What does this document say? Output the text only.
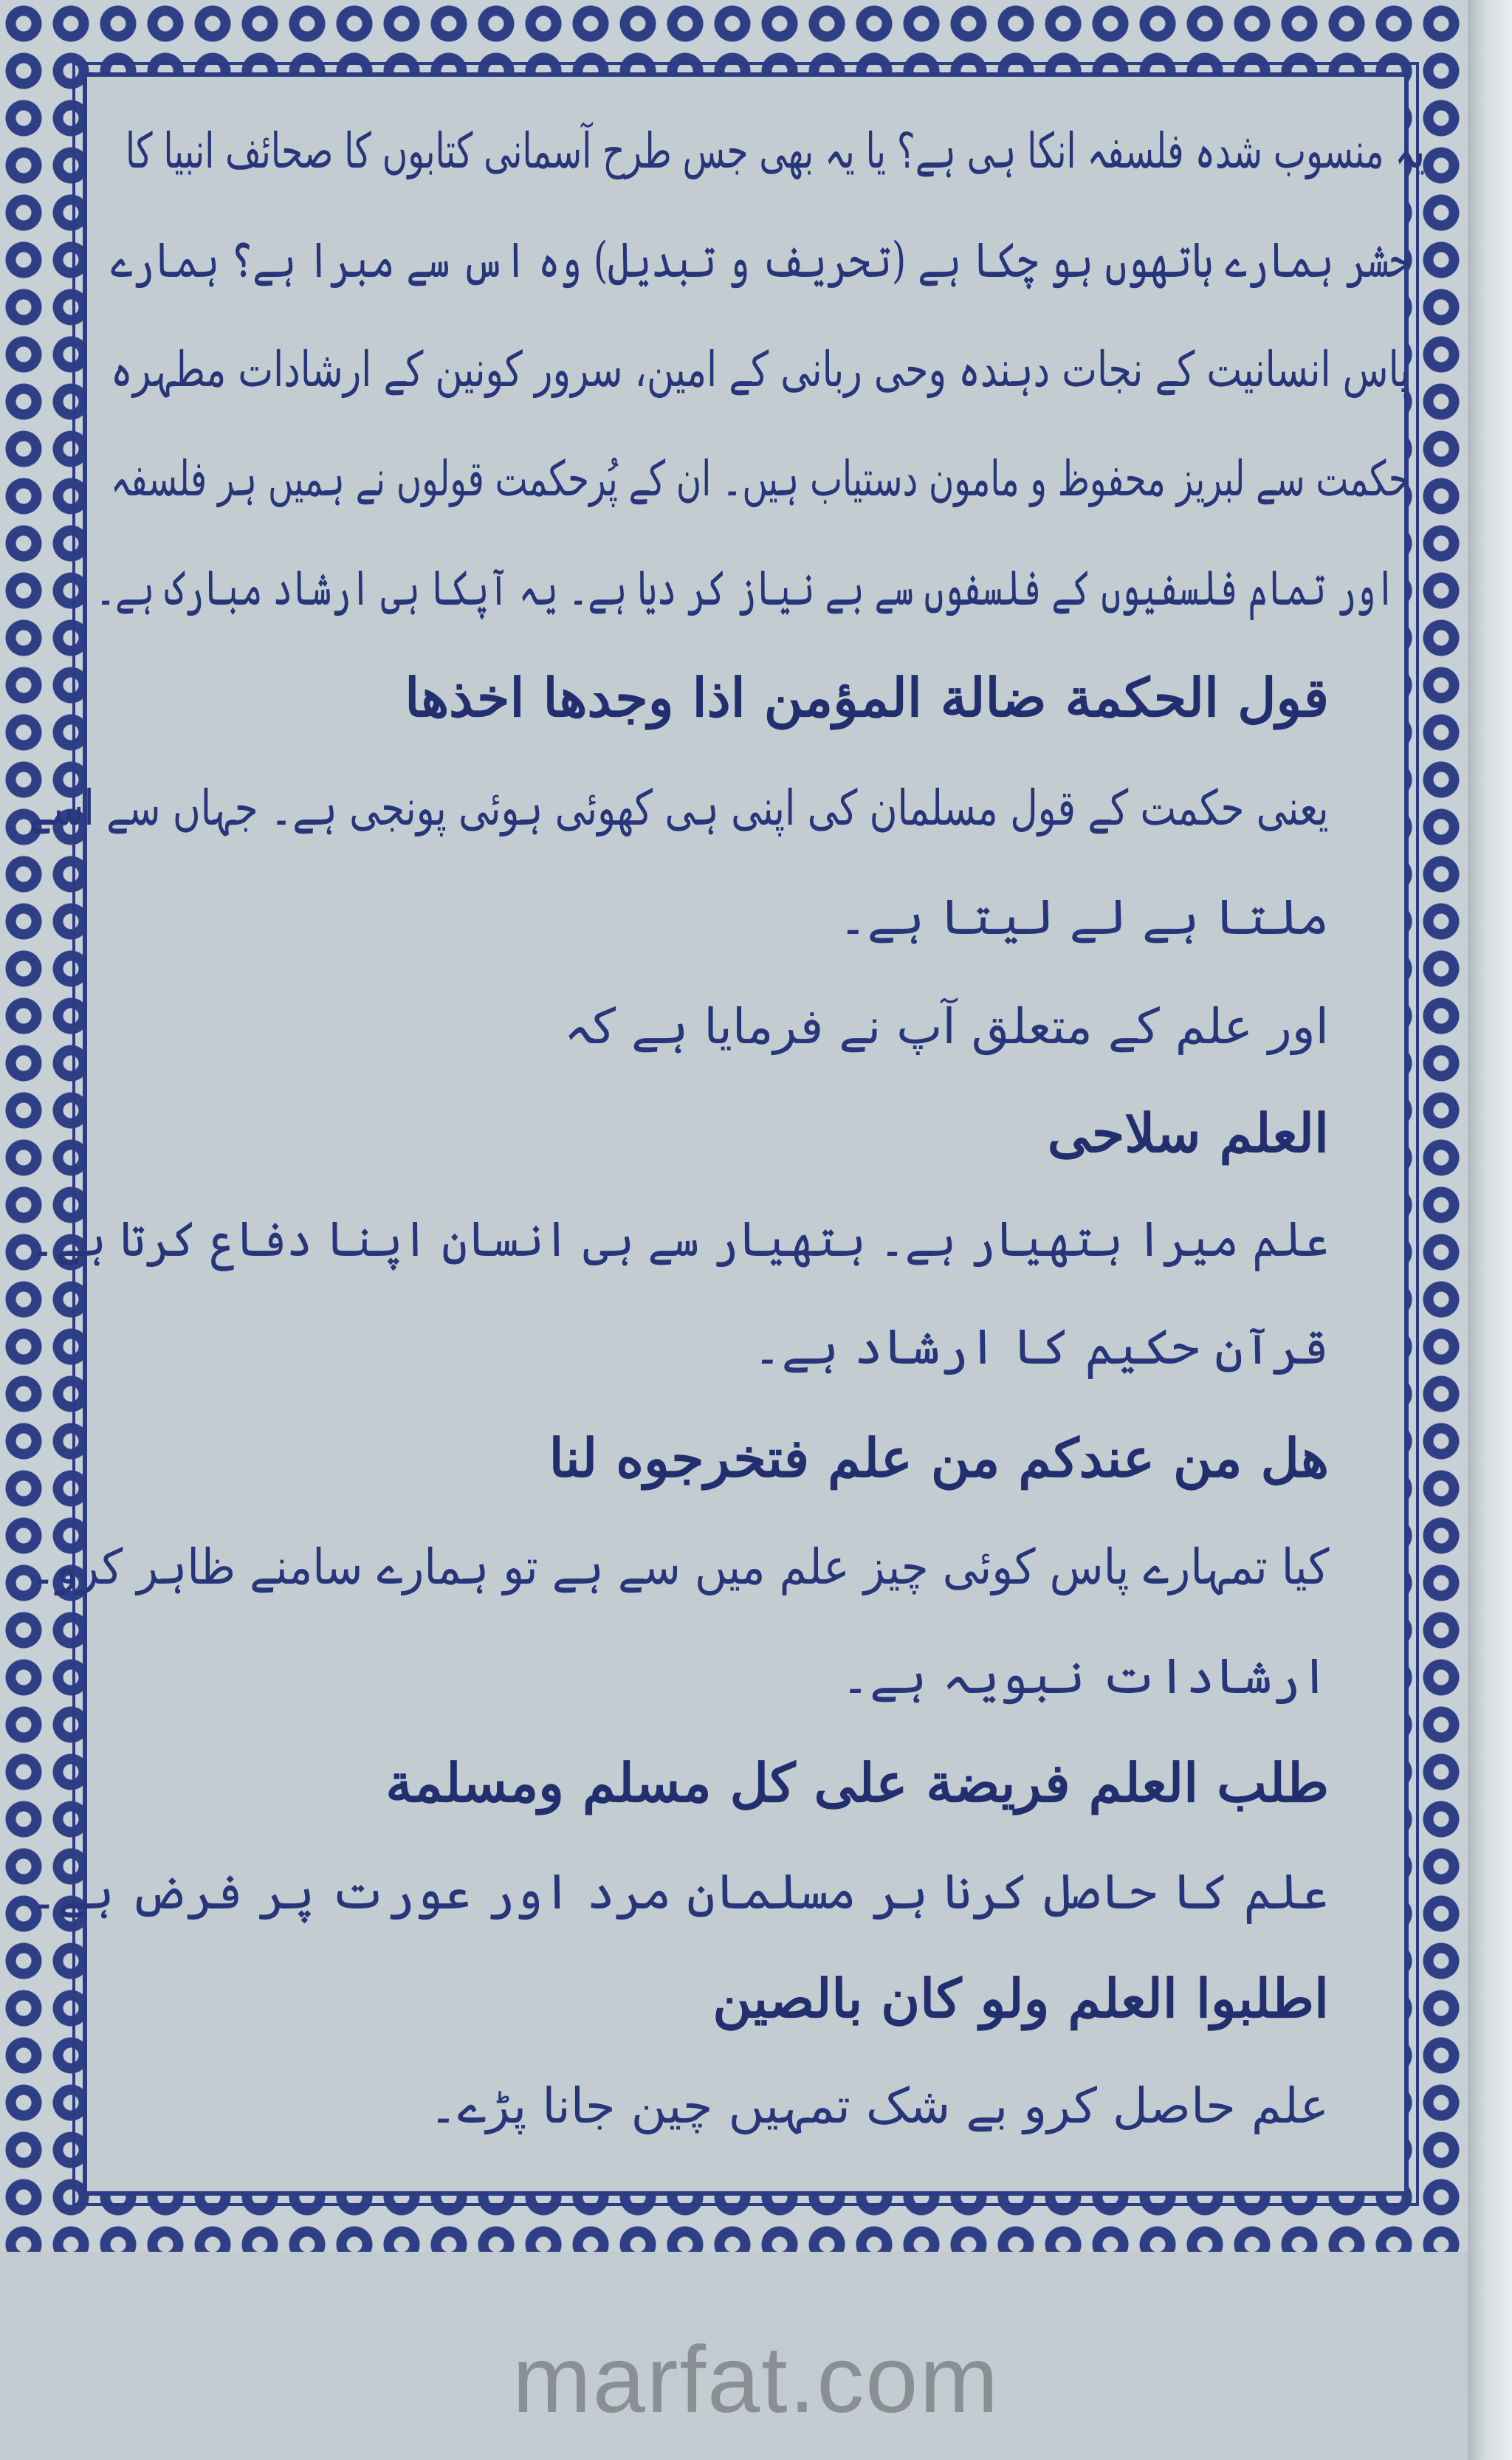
یہ منسوب شدہ فلسفہ انکا ہی ہے؟ یا یہ بھی جس طرح آسمانی کتابوں کا صحائف انبیا کا
حشر ہمارے ہاتھوں ہو چکا ہے (تحریف و تبدیل) وہ اس سے مبرا ہے؟ ہمارے
پاس انسانیت کے نجات دہندہ وحی ربانی کے امین، سرور کونین کے ارشادات مطہرہ
حکمت سے لبریز محفوظ و مامون دستیاب ہیں۔ ان کے پُرحکمت قولوں نے ہمیں ہر فلسفہ
اور تمام فلسفیوں کے فلسفوں سے بے نیاز کر دیا ہے۔ یہ آپکا ہی ارشاد مبارک ہے۔
قول الحكمة ضالة المؤمن اذا وجدها اخذها
یعنی حکمت کے قول مسلمان کی اپنی ہی کھوئی ہوئی پونجی ہے۔ جہاں سے اسے
ملتا ہے لے لیتا ہے۔
اور علم کے متعلق آپ نے فرمایا ہے کہ
العلم سلاحی
علم میرا ہتھیار ہے۔ ہتھیار سے ہی انسان اپنا دفاع کرتا ہے۔
قرآن حکیم کا ارشاد ہے۔
هل من عندكم من علم فتخرجوه لنا
کیا تمہارے پاس کوئی چیز علم میں سے ہے تو ہمارے سامنے ظاہر کرو۔
ارشادات نبویہ ہے۔
طلب العلم فريضة على كل مسلم ومسلمة
علم کا حاصل کرنا ہر مسلمان مرد اور عورت پر فرض ہے۔
اطلبوا العلم ولو كان بالصين
علم حاصل کرو بے شک تمہیں چین جانا پڑے۔
marfat.com
